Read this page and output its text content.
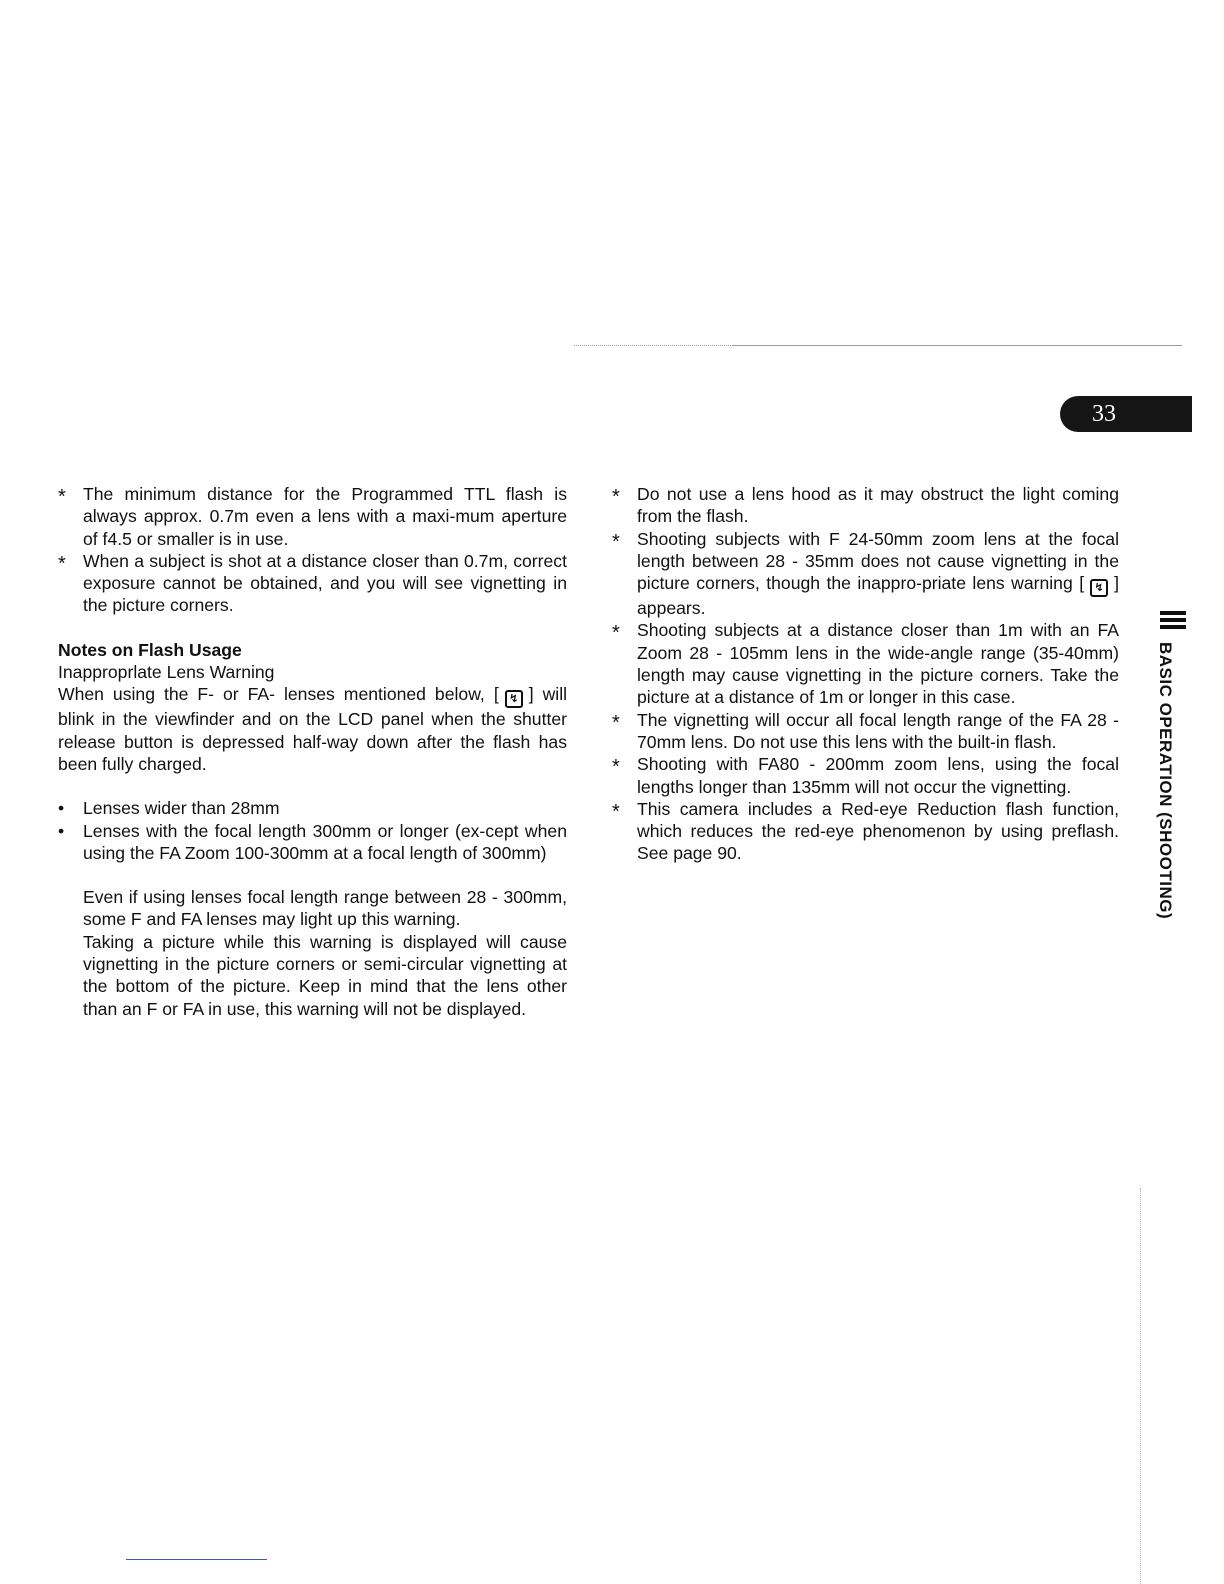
33
* The minimum distance for the Programmed TTL flash is always approx. 0.7m even a lens with a maxi-mum aperture of f4.5 or smaller is in use.
* When a subject is shot at a distance closer than 0.7m, correct exposure cannot be obtained, and you will see vignetting in the picture corners.
Notes on Flash Usage
Inapproprlate Lens Warning
When using the F- or FA- lenses mentioned below, [ ↯ ] will blink in the viewfinder and on the LCD panel when the shutter release button is depressed half-way down after the flash has been fully charged.
• Lenses wider than 28mm
• Lenses with the focal length 300mm or longer (ex-cept when using the FA Zoom 100-300mm at a focal length of 300mm)
Even if using lenses focal length range between 28 - 300mm, some F and FA lenses may light up this warning.
Taking a picture while this warning is displayed will cause vignetting in the picture corners or semi-circular vignetting at the bottom of the picture. Keep in mind that the lens other than an F or FA in use, this warning will not be displayed.
* Do not use a lens hood as it may obstruct the light coming from the flash.
* Shooting subjects with F 24-50mm zoom lens at the focal length between 28 - 35mm does not cause vignetting in the picture corners, though the inappro-priate lens warning [ ↯ ] appears.
* Shooting subjects at a distance closer than 1m with an FA Zoom 28 - 105mm lens in the wide-angle range (35-40mm) length may cause vignetting in the picture corners. Take the picture at a distance of 1m or longer in this case.
* The vignetting will occur all focal length range of the FA 28 - 70mm lens. Do not use this lens with the built-in flash.
* Shooting with FA80 - 200mm zoom lens, using the focal lengths longer than 135mm will not occur the vignetting.
* This camera includes a Red-eye Reduction flash function, which reduces the red-eye phenomenon by using preflash. See page 90.	BASIC OPERATION (SHOOTING)
